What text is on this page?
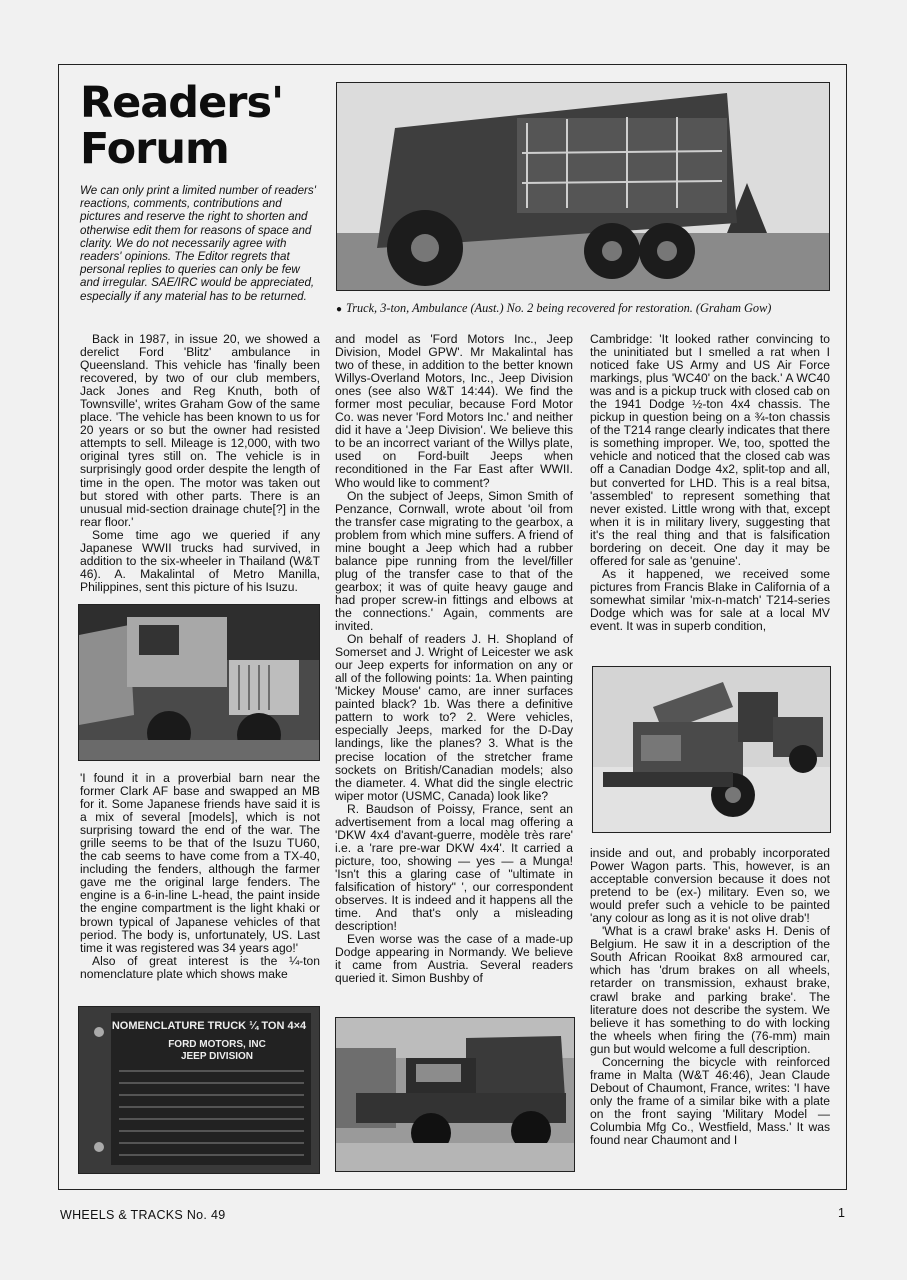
Readers' Forum

We can only print a limited number of readers' reactions, comments, contributions and pictures and reserve the right to shorten and otherwise edit them for reasons of space and clarity. We do not necessarily agree with readers' opinions. The Editor regrets that personal replies to queries can only be few and irregular. SAE/IRC would be appreciated, especially if any material has to be returned.

● Truck, 3-ton, Ambulance (Aust.) No. 2 being recovered for restoration. (Graham Gow)

Back in 1987, in issue 20, we showed a derelict Ford 'Blitz' ambulance in Queensland. This vehicle has 'finally been recovered, by two of our club members, Jack Jones and Reg Knuth, both of Townsville', writes Graham Gow of the same place. 'The vehicle has been known to us for 20 years or so but the owner had resisted attempts to sell. Mileage is 12,000, with two original tyres still on. The vehicle is in surprisingly good order despite the length of time in the open. The motor was taken out but stored with other parts. There is an unusual mid-section drainage chute[?] in the rear floor.'

Some time ago we queried if any Japanese WWII trucks had survived, in addition to the six-wheeler in Thailand (W&T 46). A. Makalintal of Metro Manilla, Philippines, sent this picture of his Isuzu.

'I found it in a proverbial barn near the former Clark AF base and swapped an MB for it. Some Japanese friends have said it is a mix of several [models], which is not surprising toward the end of the war. The grille seems to be that of the Isuzu TU60, the cab seems to have come from a TX-40, including the fenders, although the farmer gave me the original large fenders. The engine is a 6-in-line L-head, the paint inside the engine compartment is the light khaki or brown typical of Japanese vehicles of that period. The body is, unfortunately, US. Last time it was registered was 34 years ago!'

Also of great interest is the ¼-ton nomenclature plate which shows make

NOMENCLATURE TRUCK ¼ TON 4×4
FORD MOTORS, INC
JEEP DIVISION

and model as 'Ford Motors Inc., Jeep Division, Model GPW'. Mr Makalintal has two of these, in addition to the better known Willys-Overland Motors, Inc., Jeep Division ones (see also W&T 14:44). We find the former most peculiar, because Ford Motor Co. was never 'Ford Motors Inc.' and neither did it have a 'Jeep Division'. We believe this to be an incorrect variant of the Willys plate, used on Ford-built Jeeps when reconditioned in the Far East after WWII. Who would like to comment?

On the subject of Jeeps, Simon Smith of Penzance, Cornwall, wrote about 'oil from the transfer case migrating to the gearbox, a problem from which mine suffers. A friend of mine bought a Jeep which had a rubber balance pipe running from the level/filler plug of the transfer case to that of the gearbox; it was of quite heavy gauge and had proper screw-in fittings and elbows at the connections.' Again, comments are invited.

On behalf of readers J. H. Shopland of Somerset and J. Wright of Leicester we ask our Jeep experts for information on any or all of the following points: 1a. When painting 'Mickey Mouse' camo, are inner surfaces painted black? 1b. Was there a definitive pattern to work to? 2. Were vehicles, especially Jeeps, marked for the D-Day landings, like the planes? 3. What is the precise location of the stretcher frame sockets on British/Canadian models; also the diameter. 4. What did the single electric wiper motor (USMC, Canada) look like?

R. Baudson of Poissy, France, sent an advertisement from a local mag offering a 'DKW 4x4 d'avant-guerre, modèle très rare' i.e. a 'rare pre-war DKW 4x4'. It carried a picture, too, showing — yes — a Munga! 'Isn't this a glaring case of "ultimate in falsification of history" ', our correspondent observes. It is indeed and it happens all the time. And that's only a misleading description!

Even worse was the case of a made-up Dodge appearing in Normandy. We believe it came from Austria. Several readers queried it. Simon Bushby of

Cambridge: 'It looked rather convincing to the uninitiated but I smelled a rat when I noticed fake US Army and US Air Force markings, plus 'WC40' on the back.' A WC40 was and is a pickup truck with closed cab on the 1941 Dodge ½-ton 4x4 chassis. The pickup in question being on a ¾-ton chassis of the T214 range clearly indicates that there is something improper. We, too, spotted the vehicle and noticed that the closed cab was off a Canadian Dodge 4x2, split-top and all, but converted for LHD. This is a real bitsa, 'assembled' to represent something that never existed. Little wrong with that, except when it is in military livery, suggesting that it's the real thing and that is falsification bordering on deceit. One day it may be offered for sale as 'genuine'.

As it happened, we received some pictures from Francis Blake in California of a somewhat similar 'mix-n-match' T214-series Dodge which was for sale at a local MV event. It was in superb condition,

inside and out, and probably incorporated Power Wagon parts. This, however, is an acceptable conversion because it does not pretend to be (ex-) military. Even so, we would prefer such a vehicle to be painted 'any colour as long as it is not olive drab'!

'What is a crawl brake' asks H. Denis of Belgium. He saw it in a description of the South African Rooikat 8x8 armoured car, which has 'drum brakes on all wheels, retarder on transmission, exhaust brake, crawl brake and parking brake'. The literature does not describe the system. We believe it has something to do with locking the wheels when firing the (76-mm) main gun but would welcome a full description.

Concerning the bicycle with reinforced frame in Malta (W&T 46:46), Jean Claude Debout of Chaumont, France, writes: 'I have only the frame of a similar bike with a plate on the front saying 'Military Model — Columbia Mfg Co., Westfield, Mass.' It was found near Chaumont and I

WHEELS & TRACKS No. 49	1
